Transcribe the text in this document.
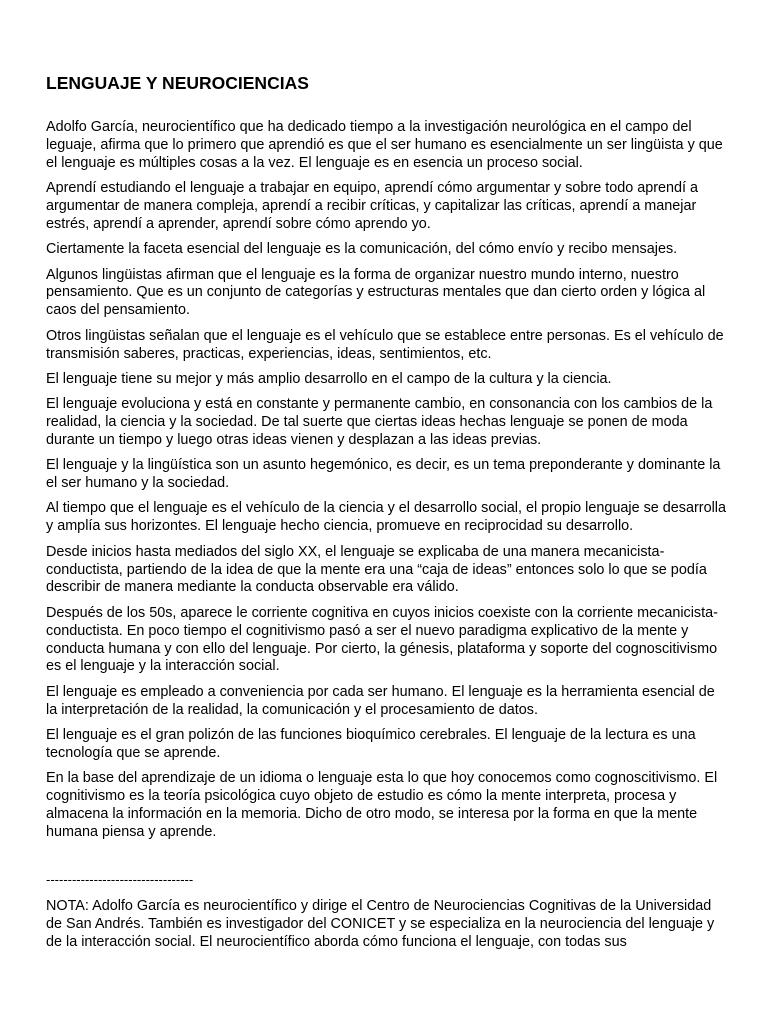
LENGUAJE Y NEUROCIENCIAS

Adolfo García, neurocientífico que ha dedicado tiempo a la investigación neurológica en el campo del leguaje, afirma que lo primero que aprendió es que el ser humano es esencialmente un ser lingüista y que el lenguaje es múltiples cosas a la vez. El lenguaje es en esencia un proceso social.

Aprendí estudiando el lenguaje a trabajar en equipo, aprendí cómo argumentar y sobre todo aprendí a argumentar de manera compleja, aprendí a recibir críticas, y capitalizar las críticas, aprendí a manejar estrés, aprendí a aprender, aprendí sobre cómo aprendo yo.

Ciertamente la faceta esencial del lenguaje es la comunicación, del cómo envío y recibo mensajes.

Algunos lingüistas afirman que el lenguaje es la forma de organizar nuestro mundo interno, nuestro pensamiento. Que es un conjunto de categorías y estructuras mentales que dan cierto orden y lógica al caos del pensamiento.

Otros lingüistas señalan que el lenguaje es el vehículo que se establece entre personas. Es el vehículo de transmisión saberes, practicas, experiencias, ideas, sentimientos, etc.

El lenguaje tiene su mejor y más amplio desarrollo en el campo de la cultura y la ciencia.

El lenguaje evoluciona y está en constante y permanente cambio, en consonancia con los cambios de la realidad, la ciencia y la sociedad. De tal suerte que ciertas ideas hechas lenguaje se ponen de moda durante un tiempo y luego otras ideas vienen y desplazan a las ideas previas.

El lenguaje y la lingüística son un asunto hegemónico, es decir, es un tema preponderante y dominante la el ser humano y la sociedad.

Al tiempo que el lenguaje es el vehículo de la ciencia y el desarrollo social, el propio lenguaje se desarrolla y amplía sus horizontes. El lenguaje hecho ciencia, promueve en reciprocidad su desarrollo.

Desde inicios hasta mediados del siglo XX, el lenguaje se explicaba de una manera mecanicista-conductista, partiendo de la idea de que la mente era una “caja de ideas” entonces solo lo que se podía describir de manera mediante la conducta observable era válido.

Después de los 50s, aparece le corriente cognitiva en cuyos inicios coexiste con la corriente mecanicista-conductista. En poco tiempo el cognitivismo pasó a ser el nuevo paradigma explicativo de la mente y conducta humana y con ello del lenguaje. Por cierto, la génesis, plataforma y soporte del cognoscitivismo es el lenguaje y la interacción social.

El lenguaje es empleado a conveniencia por cada ser humano. El lenguaje es la herramienta esencial de la interpretación de la realidad, la comunicación y el procesamiento de datos.

El lenguaje es el gran polizón de las funciones bioquímico cerebrales. El lenguaje de la lectura es una tecnología que se aprende.

En la base del aprendizaje de un idioma o lenguaje esta lo que hoy conocemos como cognoscitivismo. El cognitivismo es la teoría psicológica cuyo objeto de estudio es cómo la mente interpreta, procesa y almacena la información en la memoria. Dicho de otro modo, se interesa por la forma en que la mente humana piensa y aprende.

----------------------------------

NOTA: Adolfo García es neurocientífico y dirige el Centro de Neurociencias Cognitivas de la Universidad de San Andrés. También es investigador del CONICET y se especializa en la neurociencia del lenguaje y de la interacción social. El neurocientífico aborda cómo funciona el lenguaje, con todas sus
